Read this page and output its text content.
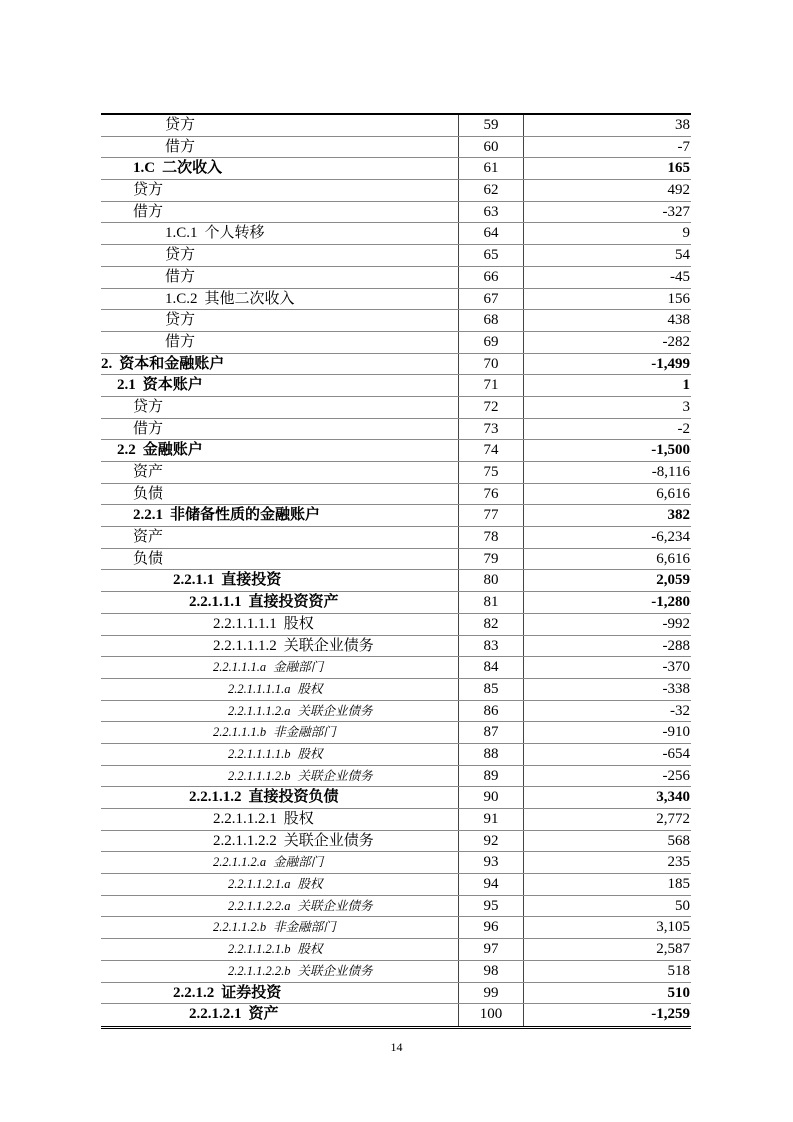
贷方	59	38
借方	60	-7
1.C 二次收入	61	165
贷方	62	492
借方	63	-327
1.C.1 个人转移	64	9
贷方	65	54
借方	66	-45
1.C.2 其他二次收入	67	156
贷方	68	438
借方	69	-282
2. 资本和金融账户	70	-1,499
2.1 资本账户	71	1
贷方	72	3
借方	73	-2
2.2 金融账户	74	-1,500
资产	75	-8,116
负债	76	6,616
2.2.1 非储备性质的金融账户	77	382
资产	78	-6,234
负债	79	6,616
2.2.1.1 直接投资	80	2,059
2.2.1.1.1 直接投资资产	81	-1,280
2.2.1.1.1.1 股权	82	-992
2.2.1.1.1.2 关联企业债务	83	-288
2.2.1.1.1.a 金融部门	84	-370
2.2.1.1.1.1.a 股权	85	-338
2.2.1.1.1.2.a 关联企业债务	86	-32
2.2.1.1.1.b 非金融部门	87	-910
2.2.1.1.1.1.b 股权	88	-654
2.2.1.1.1.2.b 关联企业债务	89	-256
2.2.1.1.2 直接投资负债	90	3,340
2.2.1.1.2.1 股权	91	2,772
2.2.1.1.2.2 关联企业债务	92	568
2.2.1.1.2.a 金融部门	93	235
2.2.1.1.2.1.a 股权	94	185
2.2.1.1.2.2.a 关联企业债务	95	50
2.2.1.1.2.b 非金融部门	96	3,105
2.2.1.1.2.1.b 股权	97	2,587
2.2.1.1.2.2.b 关联企业债务	98	518
2.2.1.2 证券投资	99	510
2.2.1.2.1 资产	100	-1,259
14
